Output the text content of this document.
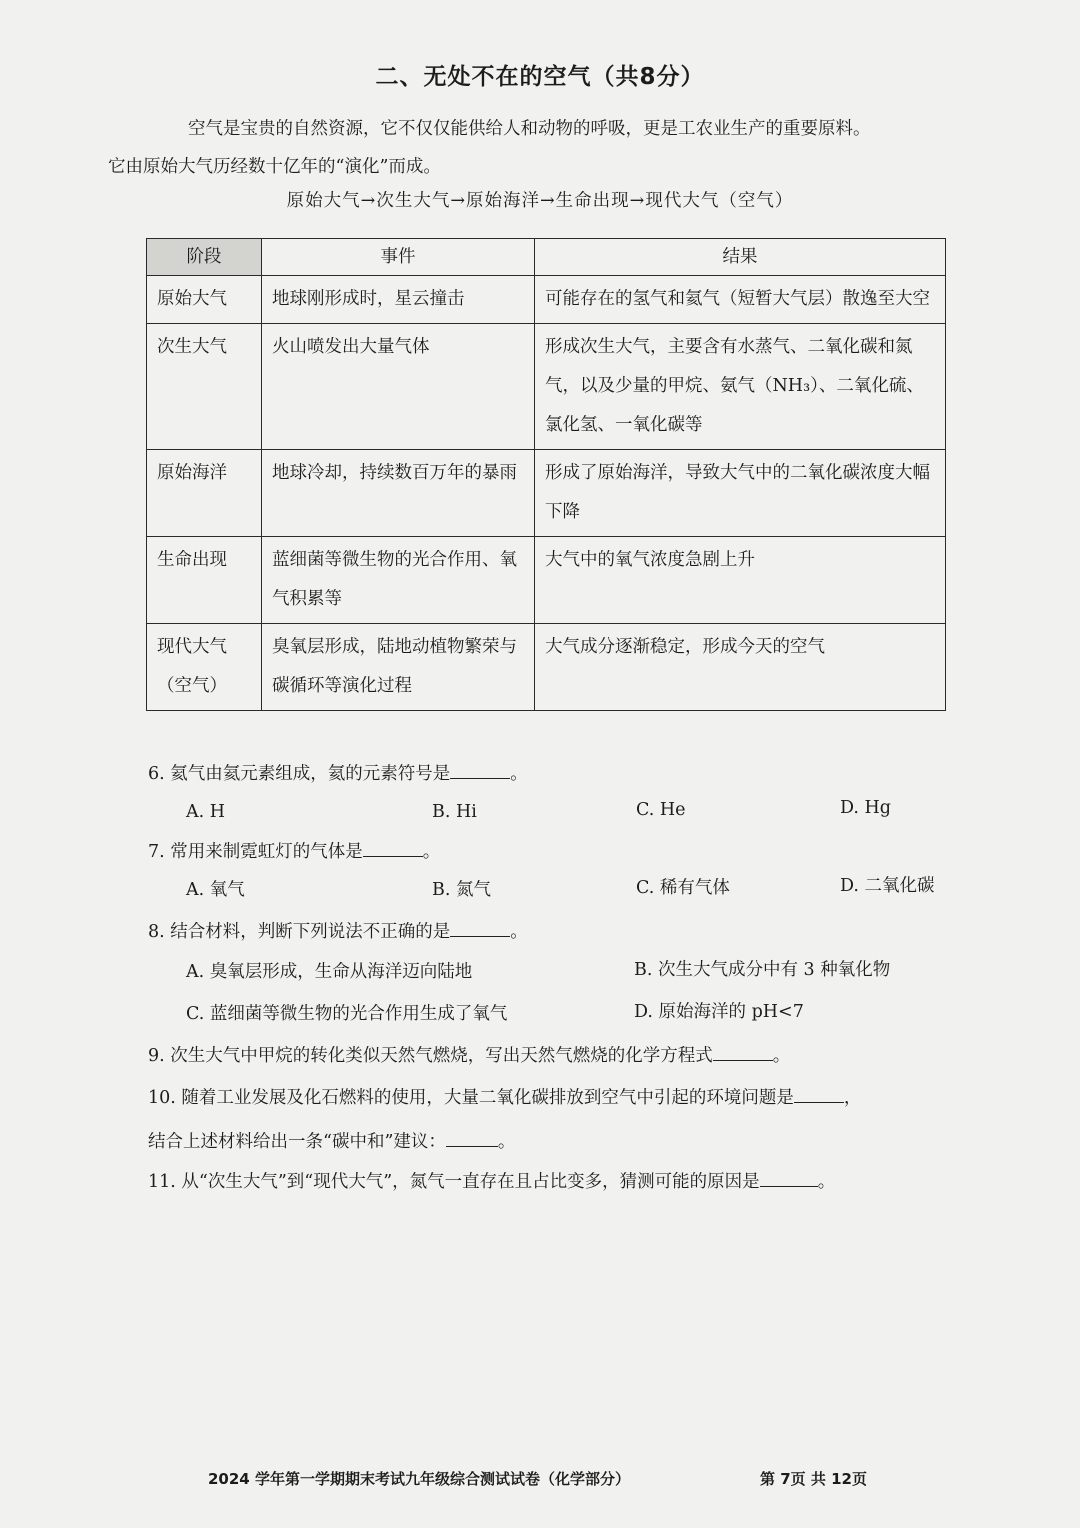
二、无处不在的空气（共8分）
空气是宝贵的自然资源，它不仅仅能供给人和动物的呼吸，更是工农业生产的重要原料。
它由原始大气历经数十亿年的“演化”而成。
原始大气→次生大气→原始海洋→生命出现→现代大气（空气）
阶段	事件	结果
原始大气	地球刚形成时，星云撞击	可能存在的氢气和氦气（短暂大气层）散逸至大空
次生大气	火山喷发出大量气体	形成次生大气，主要含有水蒸气、二氧化碳和氮气，以及少量的甲烷、氨气（NH₃）、二氧化硫、氯化氢、一氧化碳等
原始海洋	地球冷却，持续数百万年的暴雨	形成了原始海洋，导致大气中的二氧化碳浓度大幅下降
生命出现	蓝细菌等微生物的光合作用、氧气积累等	大气中的氧气浓度急剧上升
现代大气（空气）	臭氧层形成，陆地动植物繁荣与碳循环等演化过程	大气成分逐渐稳定，形成今天的空气
6. 氦气由氦元素组成，氦的元素符号是	。
A. H	B. Hi	C. He	D. Hg
7. 常用来制霓虹灯的气体是	。
A. 氧气	B. 氮气	C. 稀有气体	D. 二氧化碳
8. 结合材料，判断下列说法不正确的是	。
A. 臭氧层形成，生命从海洋迈向陆地	B. 次生大气成分中有 3 种氧化物
C. 蓝细菌等微生物的光合作用生成了氧气	D. 原始海洋的 pH<7
9. 次生大气中甲烷的转化类似天然气燃烧，写出天然气燃烧的化学方程式	。
10. 随着工业发展及化石燃料的使用，大量二氧化碳排放到空气中引起的环境问题是	，
结合上述材料给出一条“碳中和”建议：	。
11. 从“次生大气”到“现代大气”，氮气一直存在且占比变多，猜测可能的原因是	。
2024 学年第一学期期末考试九年级综合测试试卷（化学部分）	第 7页 共 12页
